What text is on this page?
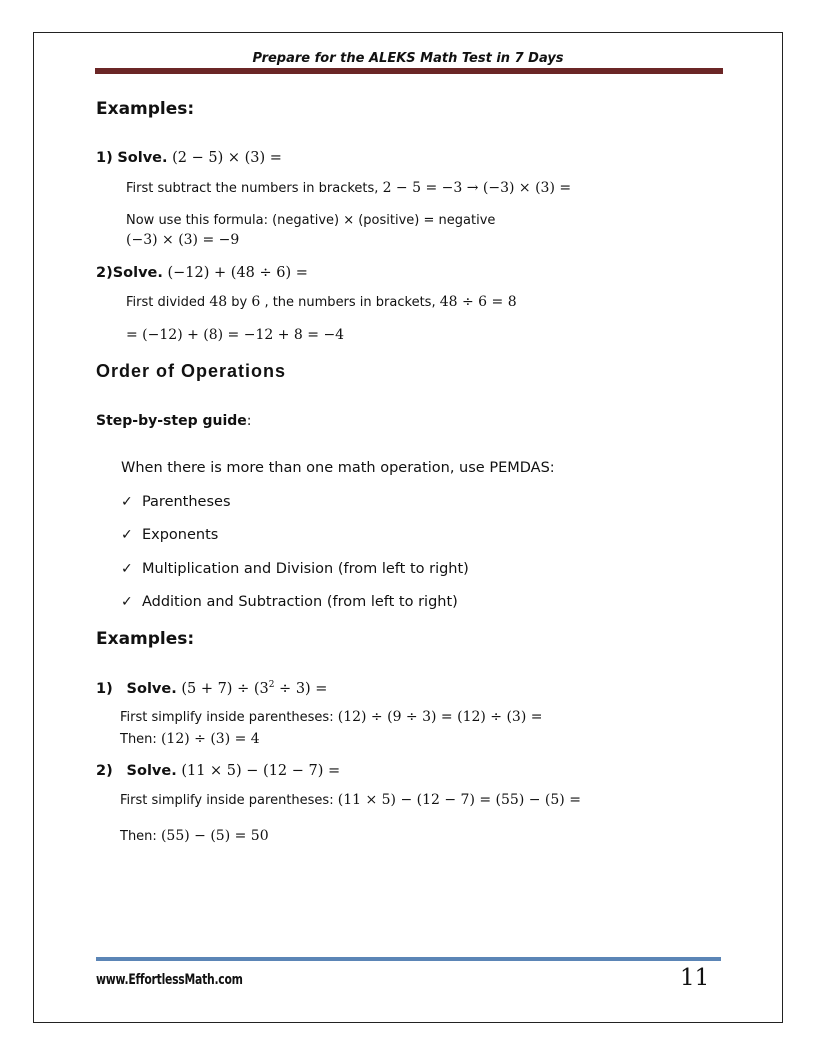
Prepare for the ALEKS Math Test in 7 Days
Examples:
1) Solve. (2 − 5) × (3) =
First subtract the numbers in brackets, 2 − 5 = −3 → (−3) × (3) =
Now use this formula: (negative) × (positive) = negative
(−3) × (3) = −9
2)Solve. (−12) + (48 ÷ 6) =
First divided 48 by 6 , the numbers in brackets, 48 ÷ 6 = 8
= (−12) + (8) = −12 + 8 = −4
Order of Operations
Step-by-step guide:
When there is more than one math operation, use PEMDAS:
✓ Parentheses
✓ Exponents
✓ Multiplication and Division (from left to right)
✓ Addition and Subtraction (from left to right)
Examples:
1) Solve. $(5 + 7) \div (3^2 \div 3)$ =
First simplify inside parentheses: (12) ÷ (9 ÷ 3) = (12) ÷ (3) =
Then: (12) ÷ (3) = 4
2) Solve. (11 × 5) − (12 − 7) =
First simplify inside parentheses: (11 × 5) − (12 − 7) = (55) − (5) =
Then: (55) − (5) = 50
www.EffortlessMath.com	11
